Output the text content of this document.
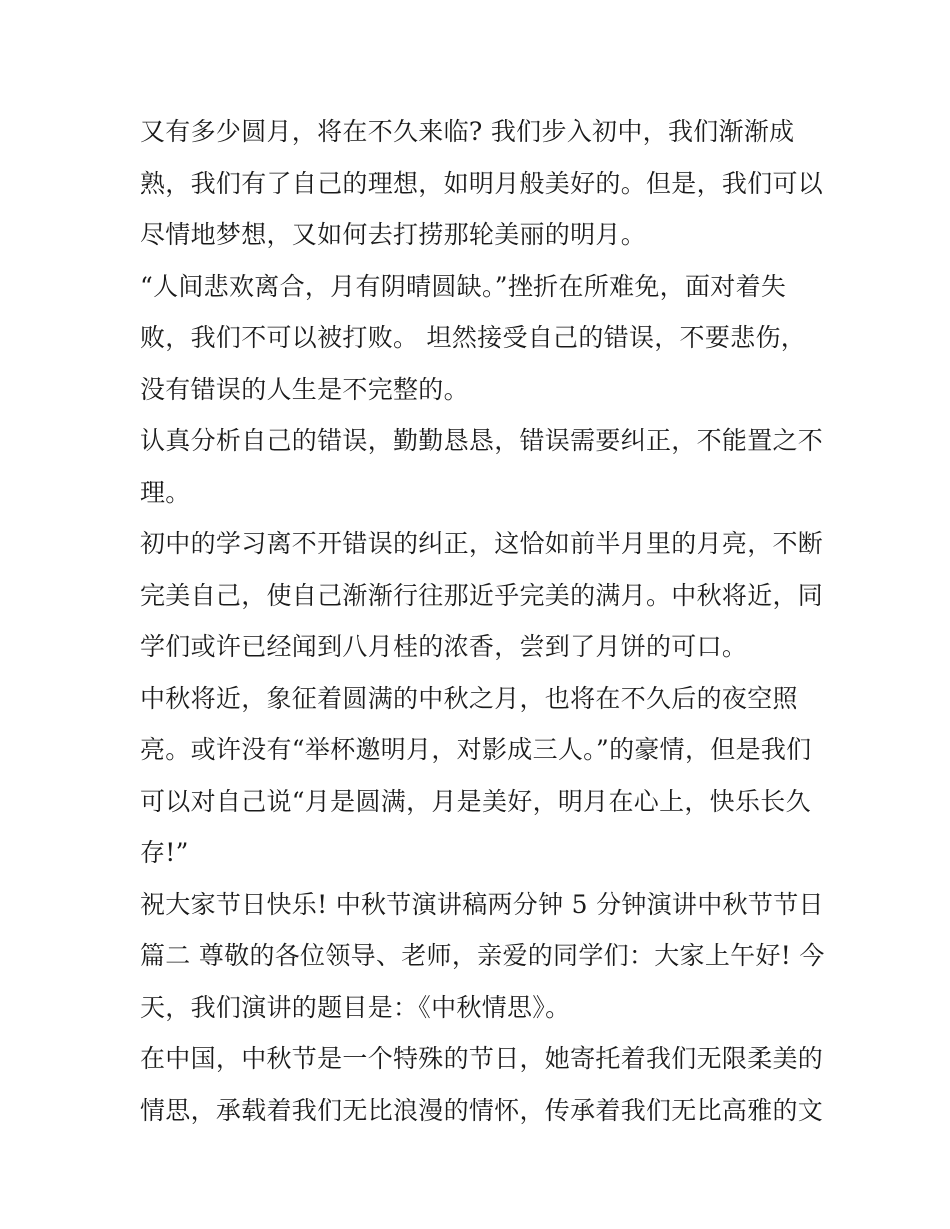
又有多少圆月，将在不久来临? 我们步入初中，我们渐渐成
熟，我们有了自己的理想，如明月般美好的。但是，我们可以
尽情地梦想，又如何去打捞那轮美丽的明月。
“人间悲欢离合，月有阴晴圆缺。”挫折在所难免，面对着失
败，我们不可以被打败。 坦然接受自己的错误，不要悲伤，
没有错误的人生是不完整的。
认真分析自己的错误，勤勤恳恳，错误需要纠正，不能置之不
理。
初中的学习离不开错误的纠正，这恰如前半月里的月亮，不断
完美自己，使自己渐渐行往那近乎完美的满月。中秋将近，同
学们或许已经闻到八月桂的浓香，尝到了月饼的可口。
中秋将近，象征着圆满的中秋之月，也将在不久后的夜空照
亮。或许没有“举杯邀明月，对影成三人。”的豪情，但是我们
可以对自己说“月是圆满，月是美好，明月在心上，快乐长久
存!”
祝大家节日快乐! 中秋节演讲稿两分钟 5 分钟演讲中秋节节日
篇二 尊敬的各位领导、老师，亲爱的同学们：大家上午好! 今
天，我们演讲的题目是：《中秋情思》。
在中国，中秋节是一个特殊的节日，她寄托着我们无限柔美的
情思，承载着我们无比浪漫的情怀，传承着我们无比高雅的文
